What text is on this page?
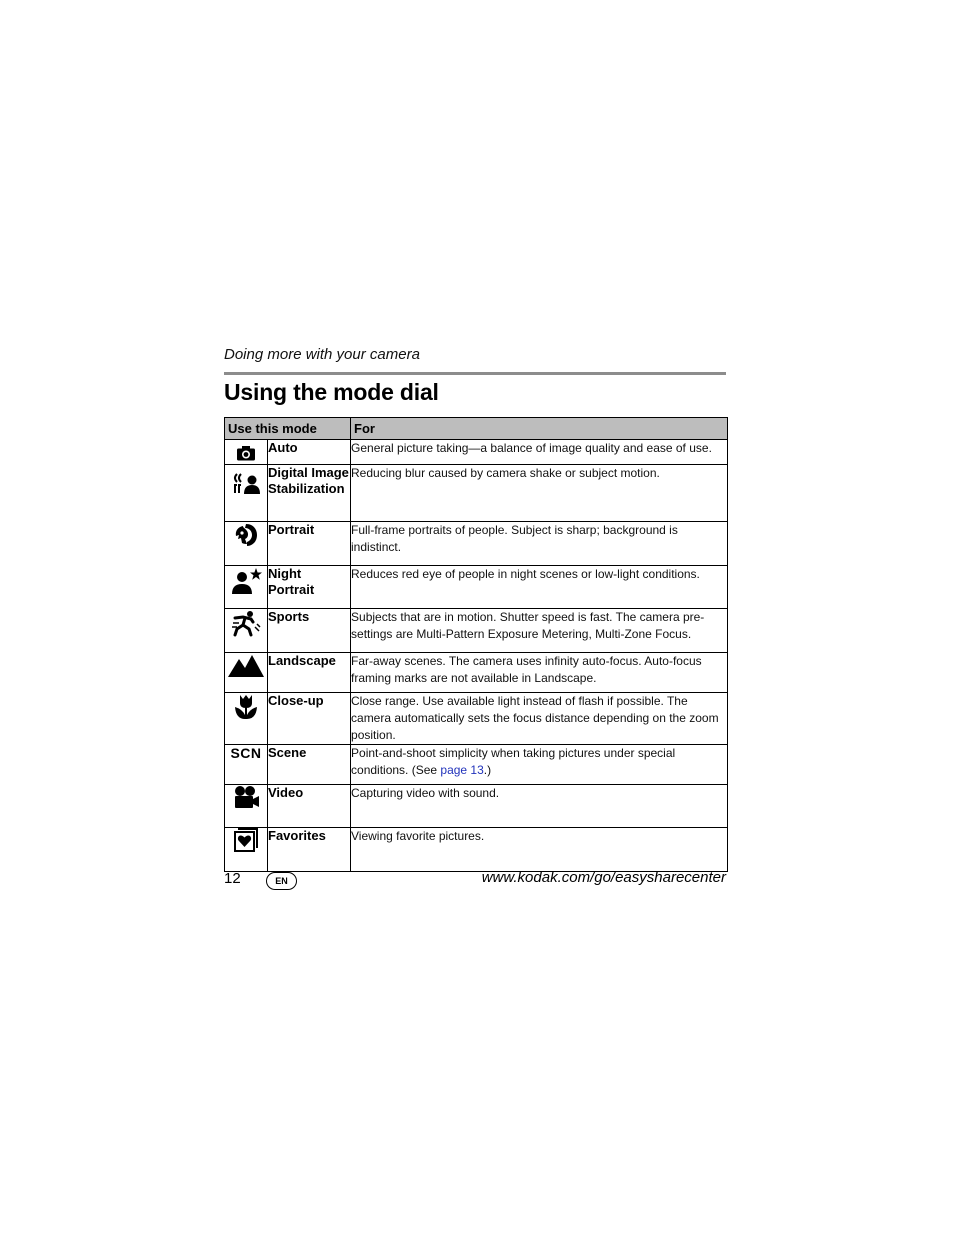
Doing more with your camera
Using the mode dial
Use this mode		For
	Auto	General picture taking—a balance of image quality and ease of use.
	Digital Image Stabilization	Reducing blur caused by camera shake or subject motion.
	Portrait	Full-frame portraits of people. Subject is sharp; background is indistinct.
	Night Portrait	Reduces red eye of people in night scenes or low-light conditions.
	Sports	Subjects that are in motion. Shutter speed is fast. The camera pre-settings are Multi-Pattern Exposure Metering, Multi-Zone Focus.
	Landscape	Far-away scenes. The camera uses infinity auto-focus. Auto-focus framing marks are not available in Landscape.
	Close-up	Close range. Use available light instead of flash if possible. The camera automatically sets the focus distance depending on the zoom position.
SCN	Scene	Point-and-shoot simplicity when taking pictures under special conditions. (See page 13.)
	Video	Capturing video with sound.
	Favorites	Viewing favorite pictures.
12	EN	www.kodak.com/go/easysharecenter
